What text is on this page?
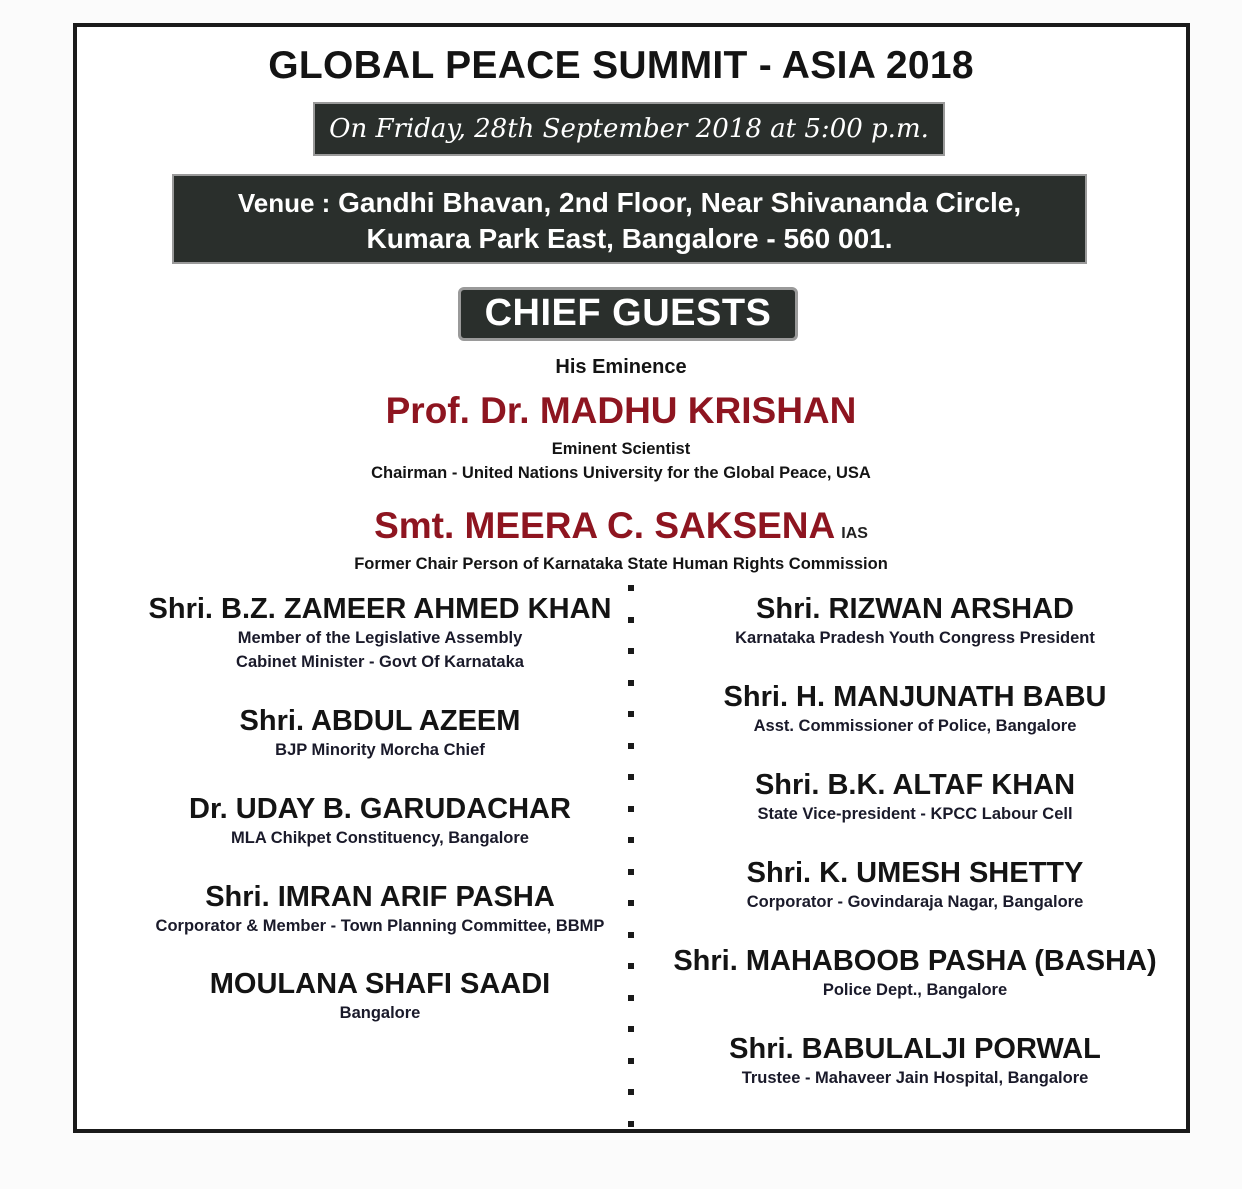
GLOBAL PEACE SUMMIT - ASIA 2018
On Friday, 28th September 2018 at 5:00 p.m.
Venue : Gandhi Bhavan, 2nd Floor, Near Shivananda Circle,
Kumara Park East, Bangalore - 560 001.
CHIEF GUESTS
His Eminence
Prof. Dr. MADHU KRISHAN
Eminent Scientist
Chairman - United Nations University for the Global Peace, USA
Smt. MEERA C. SAKSENA IAS
Former Chair Person of Karnataka State Human Rights Commission
Shri. B.Z. ZAMEER AHMED KHAN
Member of the Legislative Assembly
Cabinet Minister - Govt Of Karnataka
Shri. ABDUL AZEEM
BJP Minority Morcha Chief
Dr. UDAY B. GARUDACHAR
MLA Chikpet Constituency, Bangalore
Shri. IMRAN ARIF PASHA
Corporator & Member - Town Planning Committee, BBMP
MOULANA SHAFI SAADI
Bangalore
Shri. RIZWAN ARSHAD
Karnataka Pradesh Youth Congress President
Shri. H. MANJUNATH BABU
Asst. Commissioner of Police, Bangalore
Shri. B.K. ALTAF KHAN
State Vice-president - KPCC Labour Cell
Shri. K. UMESH SHETTY
Corporator - Govindaraja Nagar, Bangalore
Shri. MAHABOOB PASHA (BASHA)
Police Dept., Bangalore
Shri. BABULALJI PORWAL
Trustee - Mahaveer Jain Hospital, Bangalore
